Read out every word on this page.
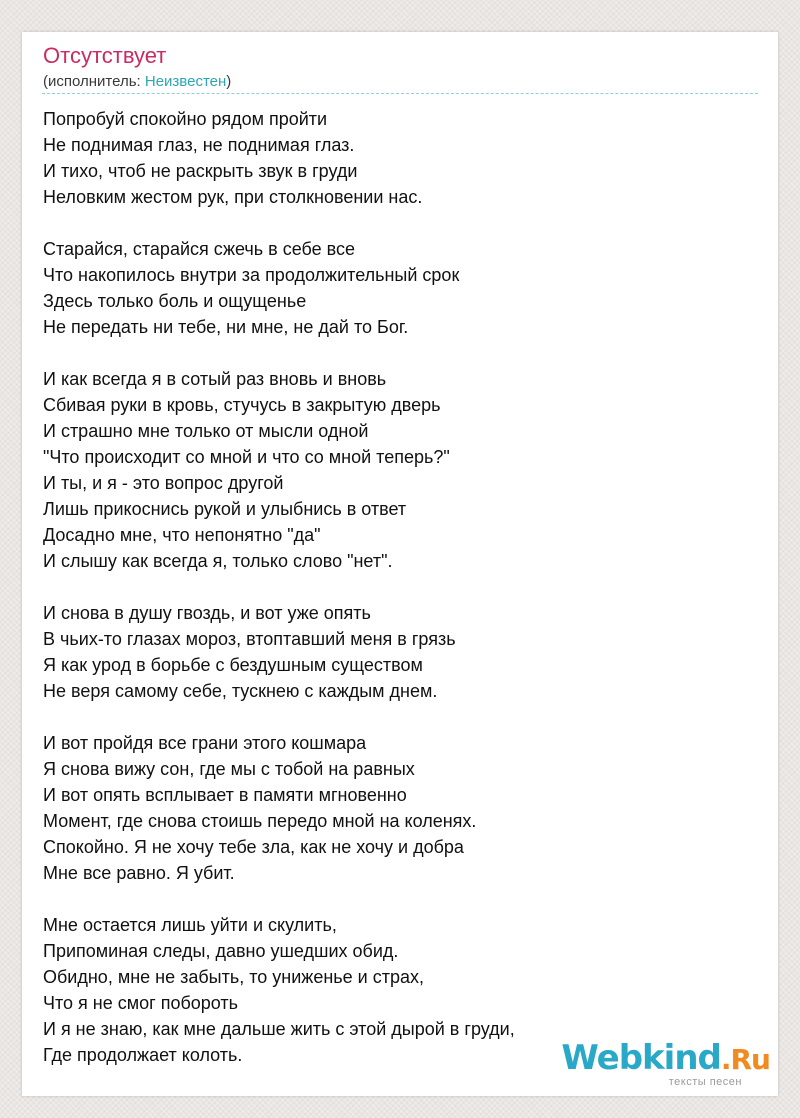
Отсутствует
(исполнитель: Неизвестен)
Попробуй спокойно рядом пройти
Не поднимая глаз, не поднимая глаз.
И тихо, чтоб не раскрыть звук в груди
Неловким жестом рук, при столкновении нас.
Старайся, старайся сжечь в себе все
Что накопилось внутри за продолжительный срок
Здесь только боль и ощущенье
Не передать ни тебе, ни мне, не дай то Бог.
И как всегда я в сотый раз вновь и вновь
Сбивая руки в кровь, стучусь в закрытую дверь
И страшно мне только от мысли одной
"Что происходит со мной и что со мной теперь?"
И ты, и я - это вопрос другой
Лишь прикоснись рукой и улыбнись в ответ
Досадно мне, что непонятно "да"
И слышу как всегда я, только слово "нет".
И снова в душу гвоздь, и вот уже опять
В чьих-то глазах мороз, втоптавший меня в грязь
Я как урод в борьбе с бездушным существом
Не веря самому себе, тускнею с каждым днем.
И вот пройдя все грани этого кошмара
Я снова вижу сон, где мы с тобой на равных
И вот опять всплывает в памяти мгновенно
Момент, где снова стоишь передо мной на коленях.
Спокойно. Я не хочу тебе зла, как не хочу и добра
Мне все равно. Я убит.
Мне остается лишь уйти и скулить,
Припоминая следы, давно ушедших обид.
Обидно, мне не забыть, то униженье и страх,
Что я не смог побороть
И я не знаю, как мне дальше жить с этой дырой в груди,
Где продолжает колоть.	Webkind.Ru
тексты песен
